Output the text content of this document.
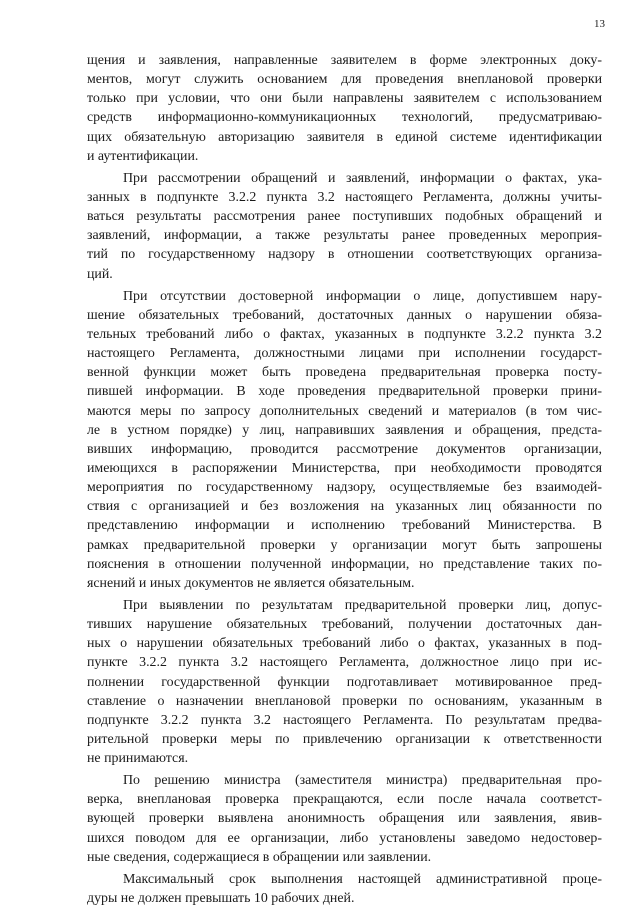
13
щения и заявления, направленные заявителем в форме электронных доку-
ментов, могут служить основанием для проведения внеплановой проверки
только при условии, что они были направлены заявителем с использованием
средств информационно-коммуникационных технологий, предусматриваю-
щих обязательную авторизацию заявителя в единой системе идентификации
и аутентификации.
При рассмотрении обращений и заявлений, информации о фактах, ука-
занных в подпункте 3.2.2 пункта 3.2 настоящего Регламента, должны учиты-
ваться результаты рассмотрения ранее поступивших подобных обращений и
заявлений, информации, а также результаты ранее проведенных мероприя-
тий по государственному надзору в отношении соответствующих организа-
ций.
При отсутствии достоверной информации о лице, допустившем нару-
шение обязательных требований, достаточных данных о нарушении обяза-
тельных требований либо о фактах, указанных в подпункте 3.2.2 пункта 3.2
настоящего Регламента, должностными лицами при исполнении государст-
венной функции может быть проведена предварительная проверка посту-
пившей информации. В ходе проведения предварительной проверки прини-
маются меры по запросу дополнительных сведений и материалов (в том чис-
ле в устном порядке) у лиц, направивших заявления и обращения, предста-
вивших информацию, проводится рассмотрение документов организации,
имеющихся в распоряжении Министерства, при необходимости проводятся
мероприятия по государственному надзору, осуществляемые без взаимодей-
ствия с организацией и без возложения на указанных лиц обязанности по
представлению информации и исполнению требований Министерства. В
рамках предварительной проверки у организации могут быть запрошены
пояснения в отношении полученной информации, но представление таких по-
яснений и иных документов не является обязательным.
При выявлении по результатам предварительной проверки лиц, допус-
тивших нарушение обязательных требований, получении достаточных дан-
ных о нарушении обязательных требований либо о фактах, указанных в под-
пункте 3.2.2 пункта 3.2 настоящего Регламента, должностное лицо при ис-
полнении государственной функции подготавливает мотивированное пред-
ставление о назначении внеплановой проверки по основаниям, указанным в
подпункте 3.2.2 пункта 3.2 настоящего Регламента. По результатам предва-
рительной проверки меры по привлечению организации к ответственности
не принимаются.
По решению министра (заместителя министра) предварительная про-
верка, внеплановая проверка прекращаются, если после начала соответст-
вующей проверки выявлена анонимность обращения или заявления, явив-
шихся поводом для ее организации, либо установлены заведомо недостовер-
ные сведения, содержащиеся в обращении или заявлении.
Максимальный срок выполнения настоящей административной проце-
дуры не должен превышать 10 рабочих дней.
